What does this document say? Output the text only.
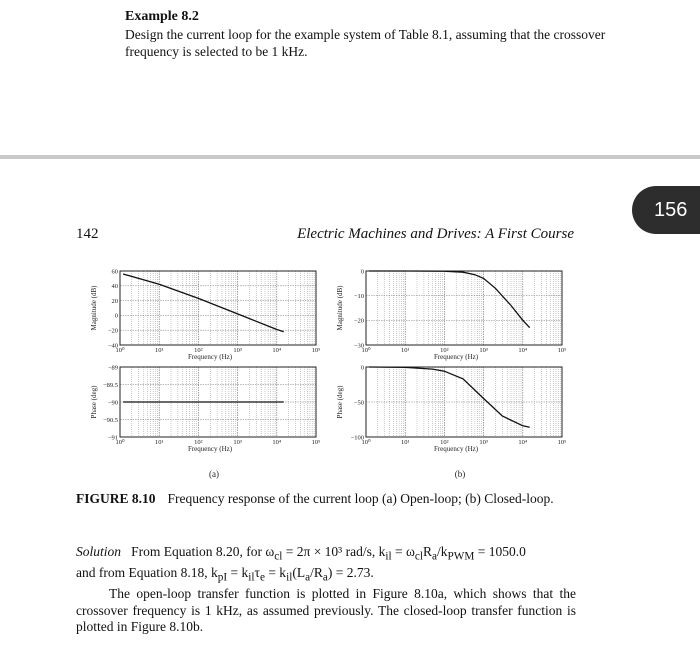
Example 8.2
Design the current loop for the example system of Table 8.1, assuming that the crossover frequency is selected to be 1 kHz.
156
142	Electric Machines and Drives: A First Course
60
40
20
0
−20
−40
10⁰	10¹	10²	10³	10⁴	10⁵
Frequency (Hz)
Magnitude (dB)
−89
−89.5
−90
−90.5
−91
10⁰	10¹	10²	10³	10⁴	10⁵
Frequency (Hz)
Phase (deg)
0
−10
−20
−30
10⁰	10¹	10²	10³	10⁴	10⁵
Frequency (Hz)
Magnitude (dB)
0
−50
−100
10⁰	10¹	10²	10³	10⁴	10⁵
Frequency (Hz)
Phase (deg)
(a)	(b)
FIGURE 8.10 Frequency response of the current loop (a) Open-loop; (b) Closed-loop.

Solution From Equation 8.20, for $\omega_{cl} = 2\pi \times 10^3$ rad/s, $k_{il} = \omega_{cl}R_a/k_{PWM} = 1050.0$

and from Equation 8.18, $k_{pI} = k_{il}\tau_e = k_{il}(L_a/R_a) = 2.73$.

The open-loop transfer function is plotted in Figure 8.10a, which shows that the crossover frequency is 1 kHz, as assumed previously. The closed-loop transfer function is plotted in Figure 8.10b.
